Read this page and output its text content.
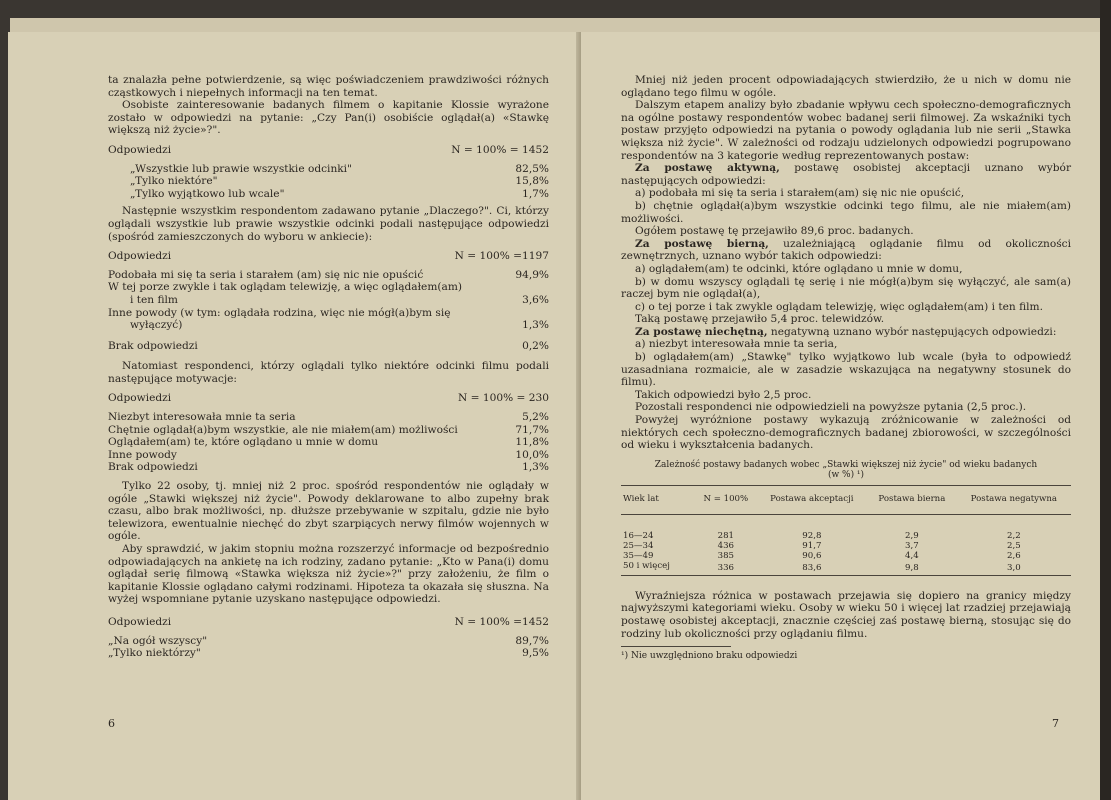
ta znalazła pełne potwierdzenie, są więc poświadczeniem prawdziwości różnych cząstkowych i niepełnych informacji na ten temat.

Osobiste zainteresowanie badanych filmem o kapitanie Klossie wyrażone zostało w odpowiedzi na pytanie: „Czy Pan(i) osobiście oglądał(a) «Stawkę większą niż życie»?".

Odpowiedzi	N = 100% = 1452
„Wszystkie lub prawie wszystkie odcinki"	82,5%
„Tylko niektóre"	15,8%
„Tylko wyjątkowo lub wcale"	1,7%

Następnie wszystkim respondentom zadawano pytanie „Dlaczego?". Ci, którzy oglądali wszystkie lub prawie wszystkie odcinki podali następujące odpowiedzi (spośród zamieszczonych do wyboru w ankiecie):

Odpowiedzi	N = 100% =1197
Podobała mi się ta seria i starałem (am) się nic nie opuścić	94,9%
W tej porze zwykle i tak oglądam telewizję, a więc oglądałem(am)
i ten film	3,6%
Inne powody (w tym: oglądała rodzina, więc nie mógł(a)bym się
wyłączyć)	1,3%
Brak odpowiedzi	0,2%

Natomiast respondenci, którzy oglądali tylko niektóre odcinki filmu podali następujące motywacje:

Odpowiedzi	N = 100% = 230
Niezbyt interesowała mnie ta seria	5,2%
Chętnie oglądał(a)bym wszystkie, ale nie miałem(am) możliwości	71,7%
Oglądałem(am) te, które oglądano u mnie w domu	11,8%
Inne powody	10,0%
Brak odpowiedzi	1,3%

Tylko 22 osoby, tj. mniej niż 2 proc. spośród respondentów nie oglądały w ogóle „Stawki większej niż życie". Powody deklarowane to albo zupełny brak czasu, albo brak możliwości, np. dłuższe przebywanie w szpitalu, gdzie nie było telewizora, ewentualnie niechęć do zbyt szarpiących nerwy filmów wojennych w ogóle.

Aby sprawdzić, w jakim stopniu można rozszerzyć informacje od bezpośrednio odpowiadających na ankietę na ich rodziny, zadano pytanie: „Kto w Pana(i) domu oglądał serię filmową «Stawka większa niż życie»?" przy założeniu, że film o kapitanie Klossie oglądano całymi rodzinami. Hipoteza ta okazała się słuszna. Na wyżej wspomniane pytanie uzyskano następujące odpowiedzi.

Odpowiedzi	N = 100% =1452
„Na ogół wszyscy"	89,7%
„Tylko niektórzy"	9,5%
6

Mniej niż jeden procent odpowiadających stwierdziło, że u nich w domu nie oglądano tego filmu w ogóle.

Dalszym etapem analizy było zbadanie wpływu cech społeczno-demograficznych na ogólne postawy respondentów wobec badanej serii filmowej. Za wskaźniki tych postaw przyjęto odpowiedzi na pytania o powody oglądania lub nie serii „Stawka większa niż życie". W zależności od rodzaju udzielonych odpowiedzi pogrupowano respondentów na 3 kategorie według reprezentowanych postaw:

Za postawę aktywną, postawę osobistej akceptacji uznano wybór następujących odpowiedzi:

a) podobała mi się ta seria i starałem(am) się nic nie opuścić,

b) chętnie oglądał(a)bym wszystkie odcinki tego filmu, ale nie miałem(am) możliwości.

Ogółem postawę tę przejawiło 89,6 proc. badanych.

Za postawę bierną, uzależniającą oglądanie filmu od okoliczności zewnętrznych, uznano wybór takich odpowiedzi:

a) oglądałem(am) te odcinki, które oglądano u mnie w domu,

b) w domu wszyscy oglądali tę serię i nie mógł(a)bym się wyłączyć, ale sam(a) raczej bym nie oglądał(a),

c) o tej porze i tak zwykle oglądam telewizję, więc oglądałem(am) i ten film.

Taką postawę przejawiło 5,4 proc. telewidzów.

Za postawę niechętną, negatywną uznano wybór następujących odpowiedzi:

a) niezbyt interesowała mnie ta seria,

b) oglądałem(am) „Stawkę" tylko wyjątkowo lub wcale (była to odpowiedź uzasadniana rozmaicie, ale w zasadzie wskazująca na negatywny stosunek do filmu).

Takich odpowiedzi było 2,5 proc.

Pozostali respondenci nie odpowiedzieli na powyższe pytania (2,5 proc.).

Powyżej wyróżnione postawy wykazują zróżnicowanie w zależności od niektórych cech społeczno-demograficznych badanej zbiorowości, w szczególności od wieku i wykształcenia badanych.

Zależność postawy badanych wobec „Stawki większej niż życie" od wieku badanych (w %) ¹)
Wiek lat	N = 100%	Postawa akceptacji	Postawa bierna	Postawa negatywna
16—24	281	92,8	2,9	2,2
25—34	436	91,7	3,7	2,5
35—49	385	90,6	4,4	2,6
50 i więcej	336	83,6	9,8	3,0

Wyraźniejsza różnica w postawach przejawia się dopiero na granicy między najwyższymi kategoriami wieku. Osoby w wieku 50 i więcej lat rzadziej przejawiają postawę osobistej akceptacji, znacznie częściej zaś postawę bierną, stosując się do rodziny lub okoliczności przy oglądaniu filmu.

¹) Nie uwzględniono braku odpowiedzi

7
